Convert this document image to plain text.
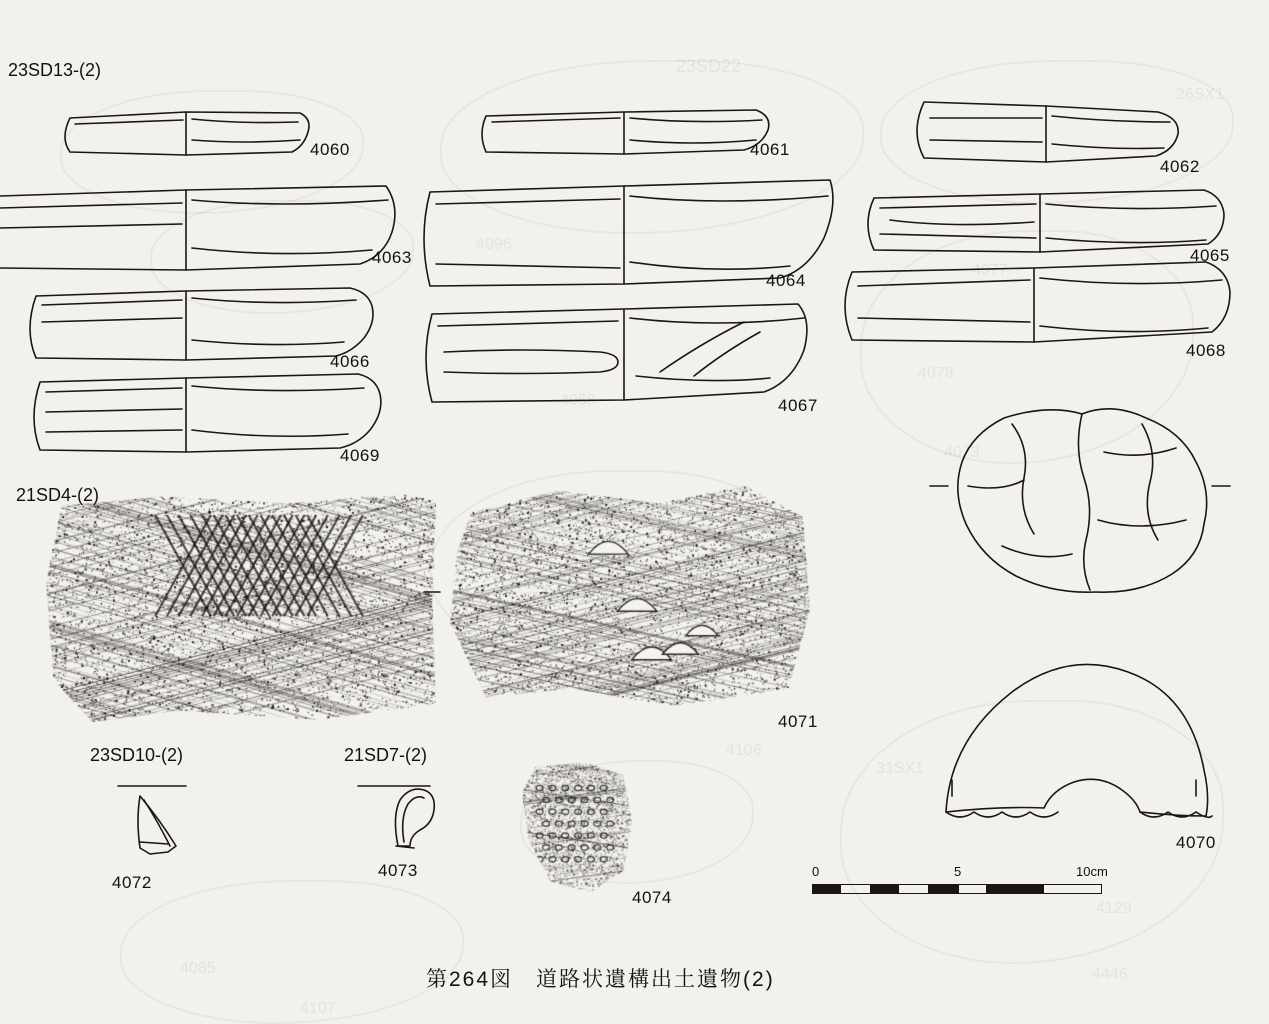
23SD22
26SX1
4078
4073
4077
4096
4068
4106
4129
31SX1
4107
4085	4446
23SD13-(2)
21SD4-(2)
23SD10-(2)	21SD7-(2)
4060	4061
4062
4063
4064
4065
4066
4067
4068
4069
4070
4071
4072
4073
4074
0	5	10cm
第264図　道路状遺構出土遺物(2)
